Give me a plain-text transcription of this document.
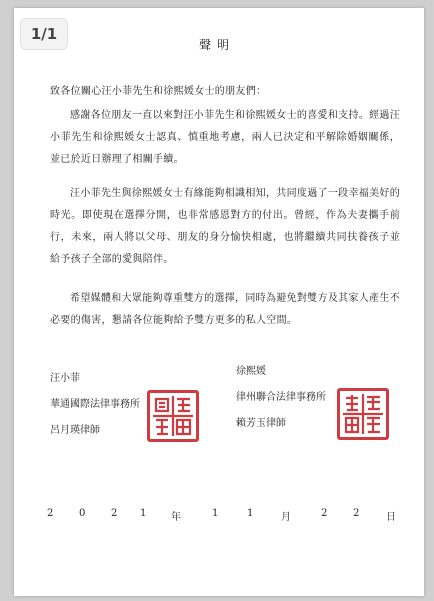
1/1
聲明
致各位關心汪小菲先生和徐熙媛女士的朋友們：

感謝各位朋友一直以來對汪小菲先生和徐熙媛女士的喜愛和支持。經過汪小菲先生和徐熙媛女士認真、慎重地考慮，兩人已決定和平解除婚姻關係，並已於近日辦理了相關手續。

汪小菲先生與徐熙媛女士有緣能夠相識相知，共同度過了一段幸福美好的時光。即使現在選擇分開，也非常感恩對方的付出。曾經，作為夫妻攜手前行，未來，兩人將以父母、朋友的身分愉快相處，也將繼續共同扶養孩子並給予孩子全部的愛與陪伴。

希望媒體和大眾能夠尊重雙方的選擇，同時為避免對雙方及其家人產生不必要的傷害，懇請各位能夠給予雙方更多的私人空間。

汪小菲
華通國際法律事務所
呂月瑛律師
徐熙媛
律州聯合法律事務所
賴芳玉律師
2	0	2 1 年	1	1	月	2	2	日
